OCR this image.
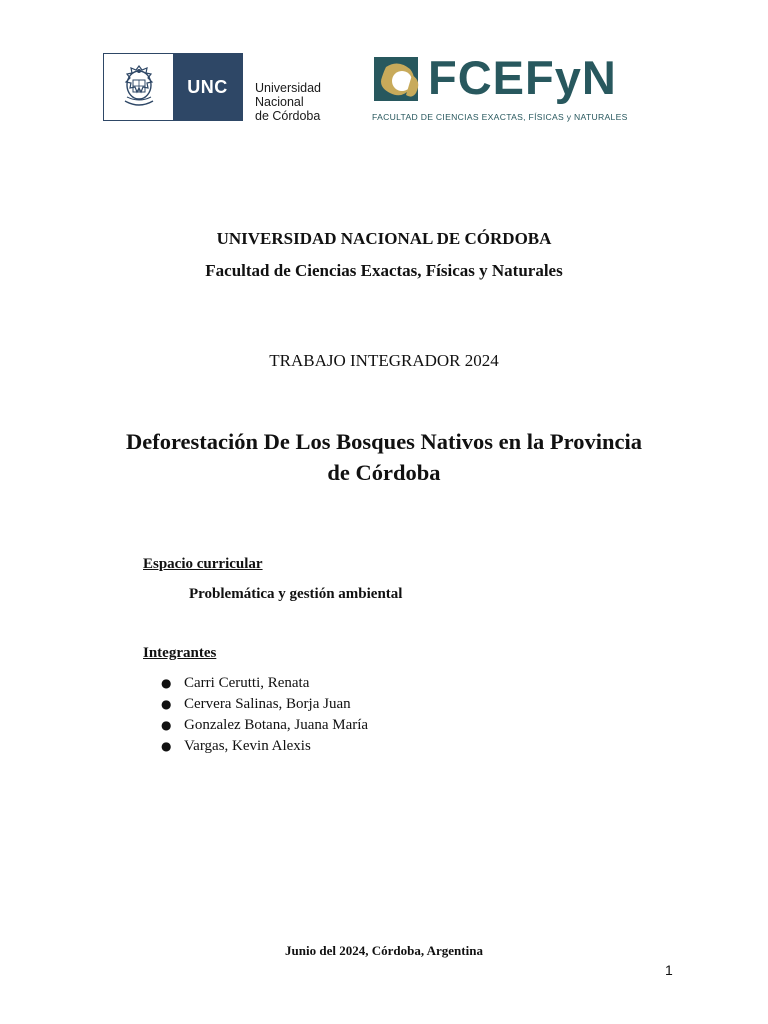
UNC	Universidad
Nacional
de Córdoba
FCEFyN
FACULTAD DE CIENCIAS EXACTAS, FÍSICAS y NATURALES
UNIVERSIDAD NACIONAL DE CÓRDOBA
Facultad de Ciencias Exactas, Físicas y Naturales
TRABAJO INTEGRADOR 2024
Deforestación De Los Bosques Nativos en la Provincia
de Córdoba
Espacio curricular
Problemática y gestión ambiental
Integrantes
● Carri Cerutti, Renata
● Cervera Salinas, Borja Juan
● Gonzalez Botana, Juana María
● Vargas, Kevin Alexis
Junio del 2024, Córdoba, Argentina
1
